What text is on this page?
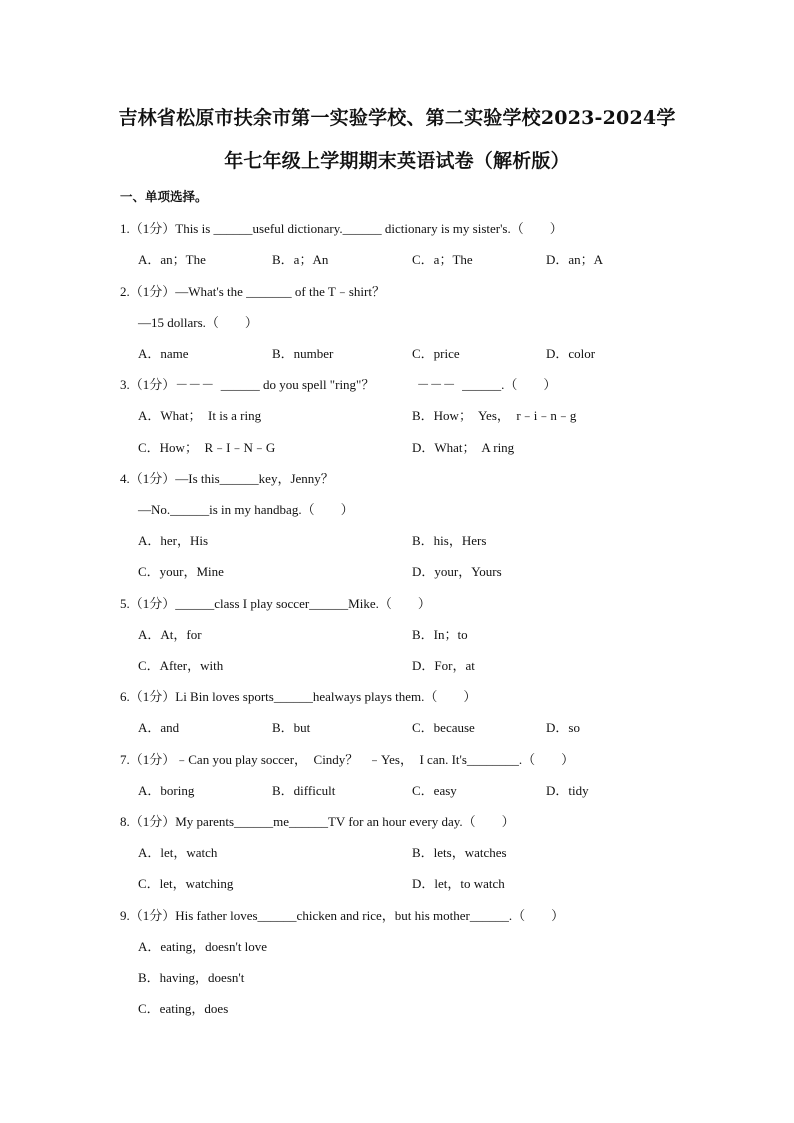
吉林省松原市扶余市第一实验学校、第二实验学校2023-2024学
年七年级上学期期末英语试卷（解析版）
一、单项选择。
1.（1分）This is ______useful dictionary.______ dictionary is my sister's.（　　）
A．an；The	B．a；An	C．a；The	D．an；A
2.（1分）—What's the _______ of the T﹣shirt？
—15 dollars.（　　）
A．name	B．number	C．price	D．color
3.（1分）－－－  ______ do you spell "ring"？             －－－  ______.（　　）
A．What；  It is a ring	B．How；  Yes，  r﹣i﹣n﹣g
C．How；  R﹣I﹣N﹣G	D．What；  A ring
4.（1分）—Is this______key，Jenny？
—No.______is in my handbag.（　　）
A．her，His	B．his，Hers
C．your，Mine	D．your，Yours
5.（1分）______class I play soccer______Mike.（　　）
A．At，for	B．In；to
C．After，with	D．For，at
6.（1分）Li Bin loves sports______healways plays them.（　　）
A．and	B．but	C．because	D．so
7.（1分）﹣Can you play soccer，  Cindy？   ﹣Yes，  I can. It's________.（　　）
A．boring	B．difficult	C．easy	D．tidy
8.（1分）My parents______me______TV for an hour every day.（　　）
A．let，watch	B．lets，watches
C．let，watching	D．let，to watch
9.（1分）His father loves______chicken and rice，but his mother______.（　　）
A．eating，doesn't love
B．having，doesn't
C．eating，does
